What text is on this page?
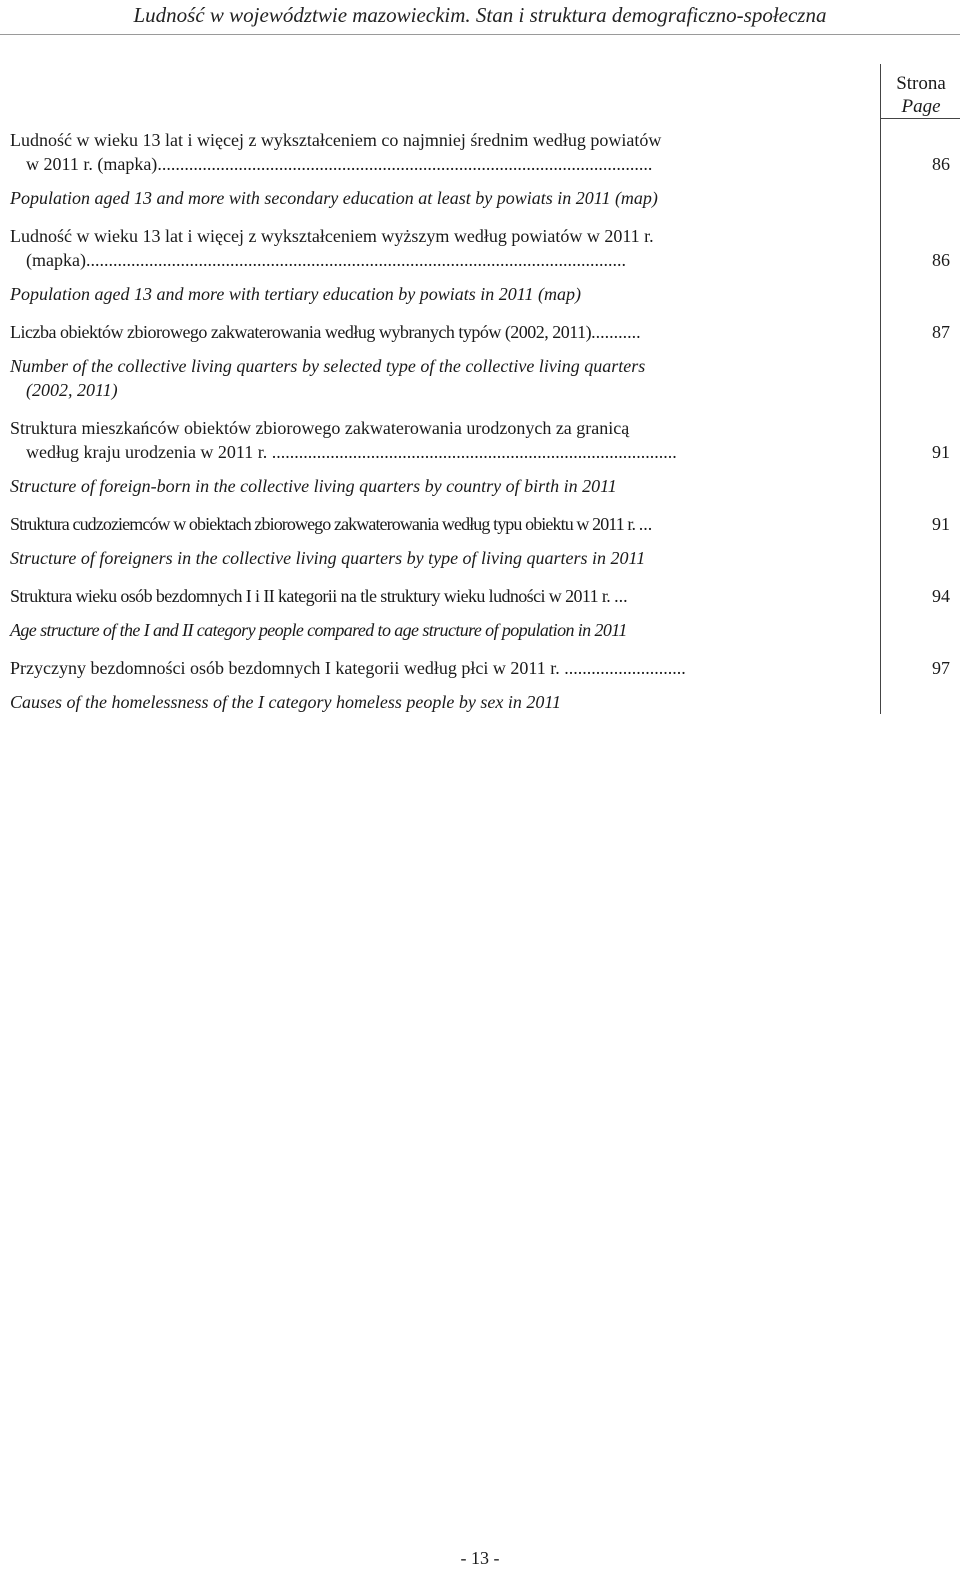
Ludność w województwie mazowieckim. Stan i struktura demograficzno-społeczna
Strona
Page
Ludność w wieku 13 lat i więcej z wykształceniem co najmniej średnim według powiatów
w 2011 r. (mapka)..............................................................................................................	86
Population aged 13 and more with secondary education at least by powiats in 2011 (map)
Ludność w wieku 13 lat i więcej z wykształceniem wyższym według powiatów w 2011 r.
(mapka)........................................................................................................................	86
Population aged 13 and more with tertiary education by powiats in 2011 (map)
Liczba obiektów zbiorowego zakwaterowania według wybranych typów (2002, 2011)...........	87
Number of the collective living quarters by selected type of the collective living quarters
(2002, 2011)
Struktura mieszkańców obiektów zbiorowego zakwaterowania urodzonych za granicą
według kraju urodzenia w 2011 r. ..........................................................................................	91
Structure of foreign-born in the collective living quarters by country of birth in 2011
Struktura cudzoziemców w obiektach zbiorowego zakwaterowania według typu obiektu w 2011 r. ...	91
Structure of foreigners in the collective living quarters by type of living quarters in 2011
Struktura wieku osób bezdomnych I i II kategorii na tle struktury wieku ludności w 2011 r. ...	94
Age structure of the I and II category people compared to age structure of population in 2011
Przyczyny bezdomności osób bezdomnych I kategorii według płci w 2011 r. ...........................	97
Causes of the homelessness of the I category homeless people by sex in 2011
- 13 -
